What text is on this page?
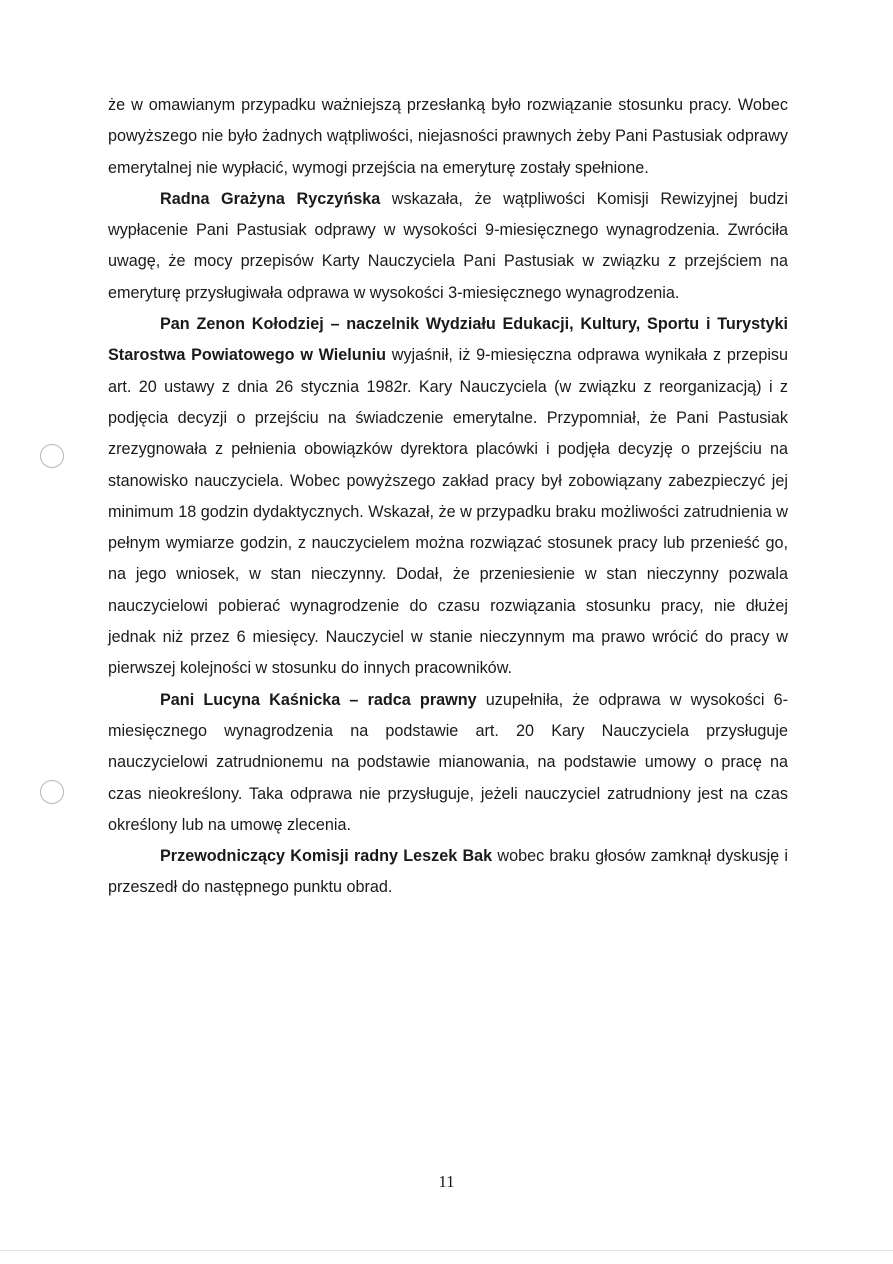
że w omawianym przypadku ważniejszą przesłanką było rozwiązanie stosunku pracy. Wobec powyższego nie było żadnych wątpliwości, niejasności prawnych żeby Pani Pastusiak odprawy emerytalnej nie wypłacić, wymogi przejścia na emeryturę zostały spełnione.

Radna Grażyna Ryczyńska wskazała, że wątpliwości Komisji Rewizyjnej budzi wypłacenie Pani Pastusiak odprawy w wysokości 9-miesięcznego wynagrodzenia. Zwróciła uwagę, że mocy przepisów Karty Nauczyciela Pani Pastusiak w związku z przejściem na emeryturę przysługiwała odprawa w wysokości 3-miesięcznego wynagrodzenia.

Pan Zenon Kołodziej – naczelnik Wydziału Edukacji, Kultury, Sportu i Turystyki Starostwa Powiatowego w Wieluniu wyjaśnił, iż 9-miesięczna odprawa wynikała z przepisu art. 20 ustawy z dnia 26 stycznia 1982r. Kary Nauczyciela (w związku z reorganizacją) i z podjęcia decyzji o przejściu na świadczenie emerytalne. Przypomniał, że Pani Pastusiak zrezygnowała z pełnienia obowiązków dyrektora placówki i podjęła decyzję o przejściu na stanowisko nauczyciela. Wobec powyższego zakład pracy był zobowiązany zabezpieczyć jej minimum 18 godzin dydaktycznych. Wskazał, że w przypadku braku możliwości zatrudnienia w pełnym wymiarze godzin, z nauczycielem można rozwiązać stosunek pracy lub przenieść go, na jego wniosek, w stan nieczynny. Dodał, że przeniesienie w stan nieczynny pozwala nauczycielowi pobierać wynagrodzenie do czasu rozwiązania stosunku pracy, nie dłużej jednak niż przez 6 miesięcy. Nauczyciel w stanie nieczynnym ma prawo wrócić do pracy w pierwszej kolejności w stosunku do innych pracowników.

Pani Lucyna Kaśnicka – radca prawny uzupełniła, że odprawa w wysokości 6-miesięcznego wynagrodzenia na podstawie art. 20 Kary Nauczyciela przysługuje nauczycielowi zatrudnionemu na podstawie mianowania, na podstawie umowy o pracę na czas nieokreślony. Taka odprawa nie przysługuje, jeżeli nauczyciel zatrudniony jest na czas określony lub na umowę zlecenia.

Przewodniczący Komisji radny Leszek Bak wobec braku głosów zamknął dyskusję i przeszedł do następnego punktu obrad.

11
